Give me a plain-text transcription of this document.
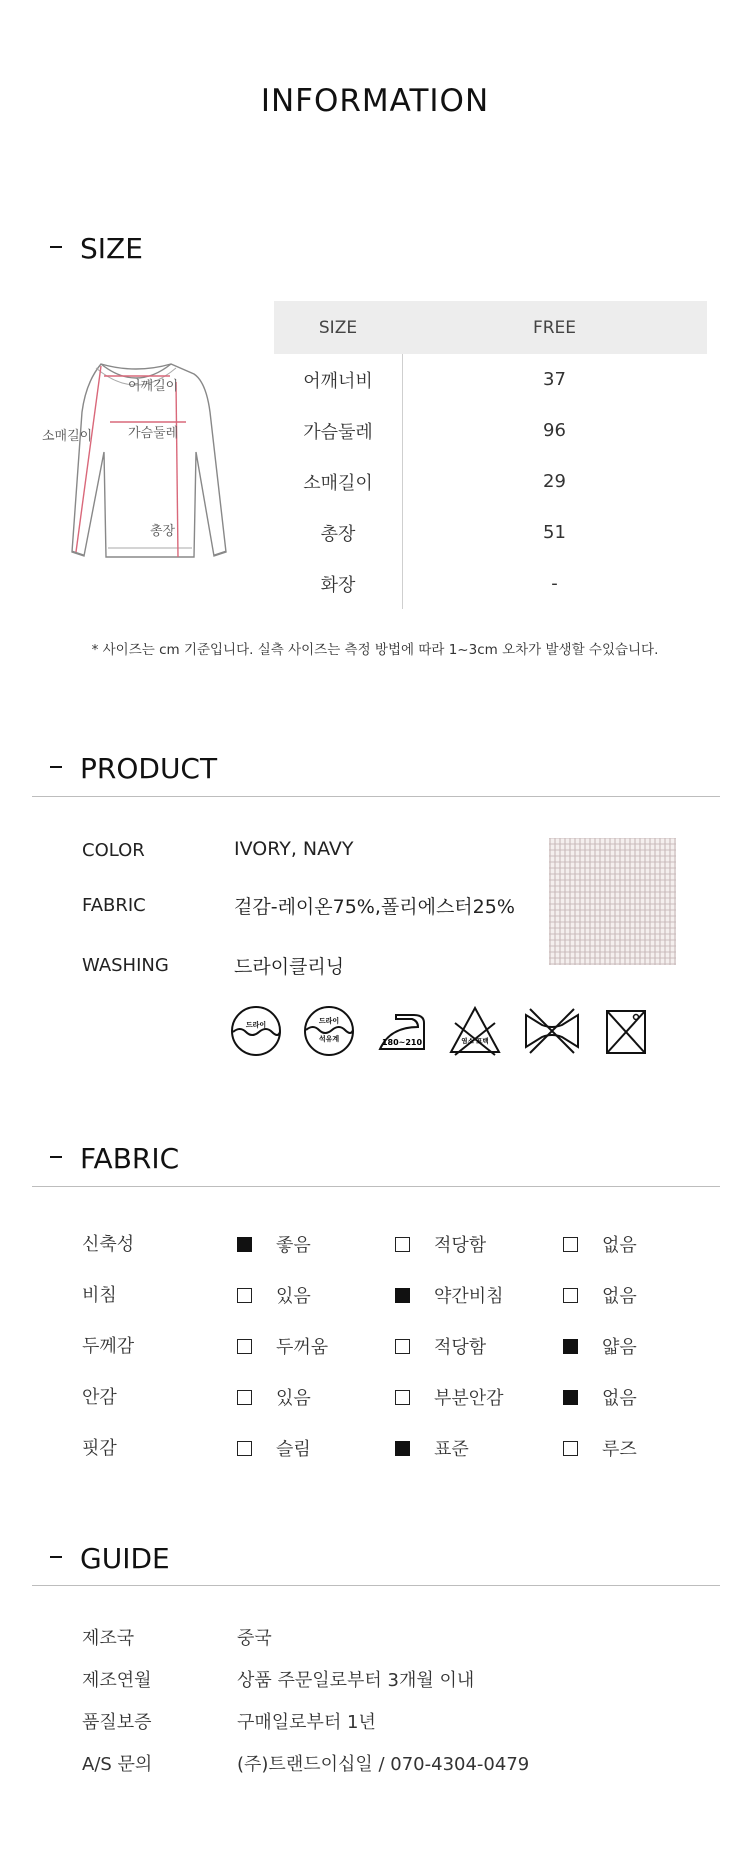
INFORMATION
SIZE
어깨길이
가슴둘레
소매길이
총장
SIZE	FREE
어깨너비	37
가슴둘레	96
소매길이	29
총장	51
화장	-
* 사이즈는 cm 기준입니다. 실측 사이즈는 측정 방법에 따라 1~3cm 오차가 발생할 수있습니다.
PRODUCT
COLOR	IVORY, NAVY
FABRIC	겉감-레이온75%,폴리에스터25%
WASHING	드라이클리닝
드라이	드라이
석유계	180~210	염소 표백
FABRIC
신축성	좋음	적당함	없음
비침	있음	약간비침	없음
두께감	두꺼움	적당함	얇음
안감	있음	부분안감	없음
핏감	슬림	표준	루즈
GUIDE
제조국	중국
제조연월	상품 주문일로부터 3개월 이내
품질보증	구매일로부터 1년
A/S 문의	(주)트랜드이십일 / 070-4304-0479
